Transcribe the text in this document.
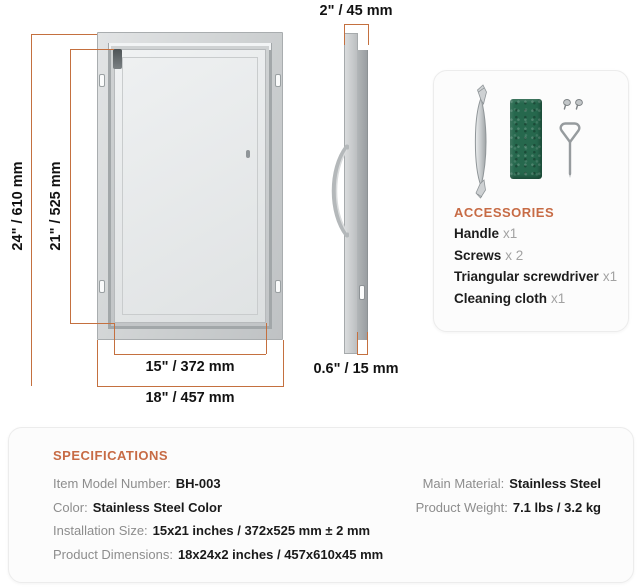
24" / 610 mm 21" / 525 mm
15" / 372 mm
18" / 457 mm
2" / 45 mm
0.6" / 15 mm
ACCESSORIES
Handle x1
Screws x 2
Triangular screwdriver x1
Cleaning cloth x1
SPECIFICATIONS
Item Model Number: BH-003
Color: Stainless Steel Color
Installation Size: 15x21 inches / 372x525 mm ± 2 mm
Product Dimensions: 18x24x2 inches / 457x610x45 mm
Main Material: Stainless Steel
Product Weight: 7.1 lbs / 3.2 kg
